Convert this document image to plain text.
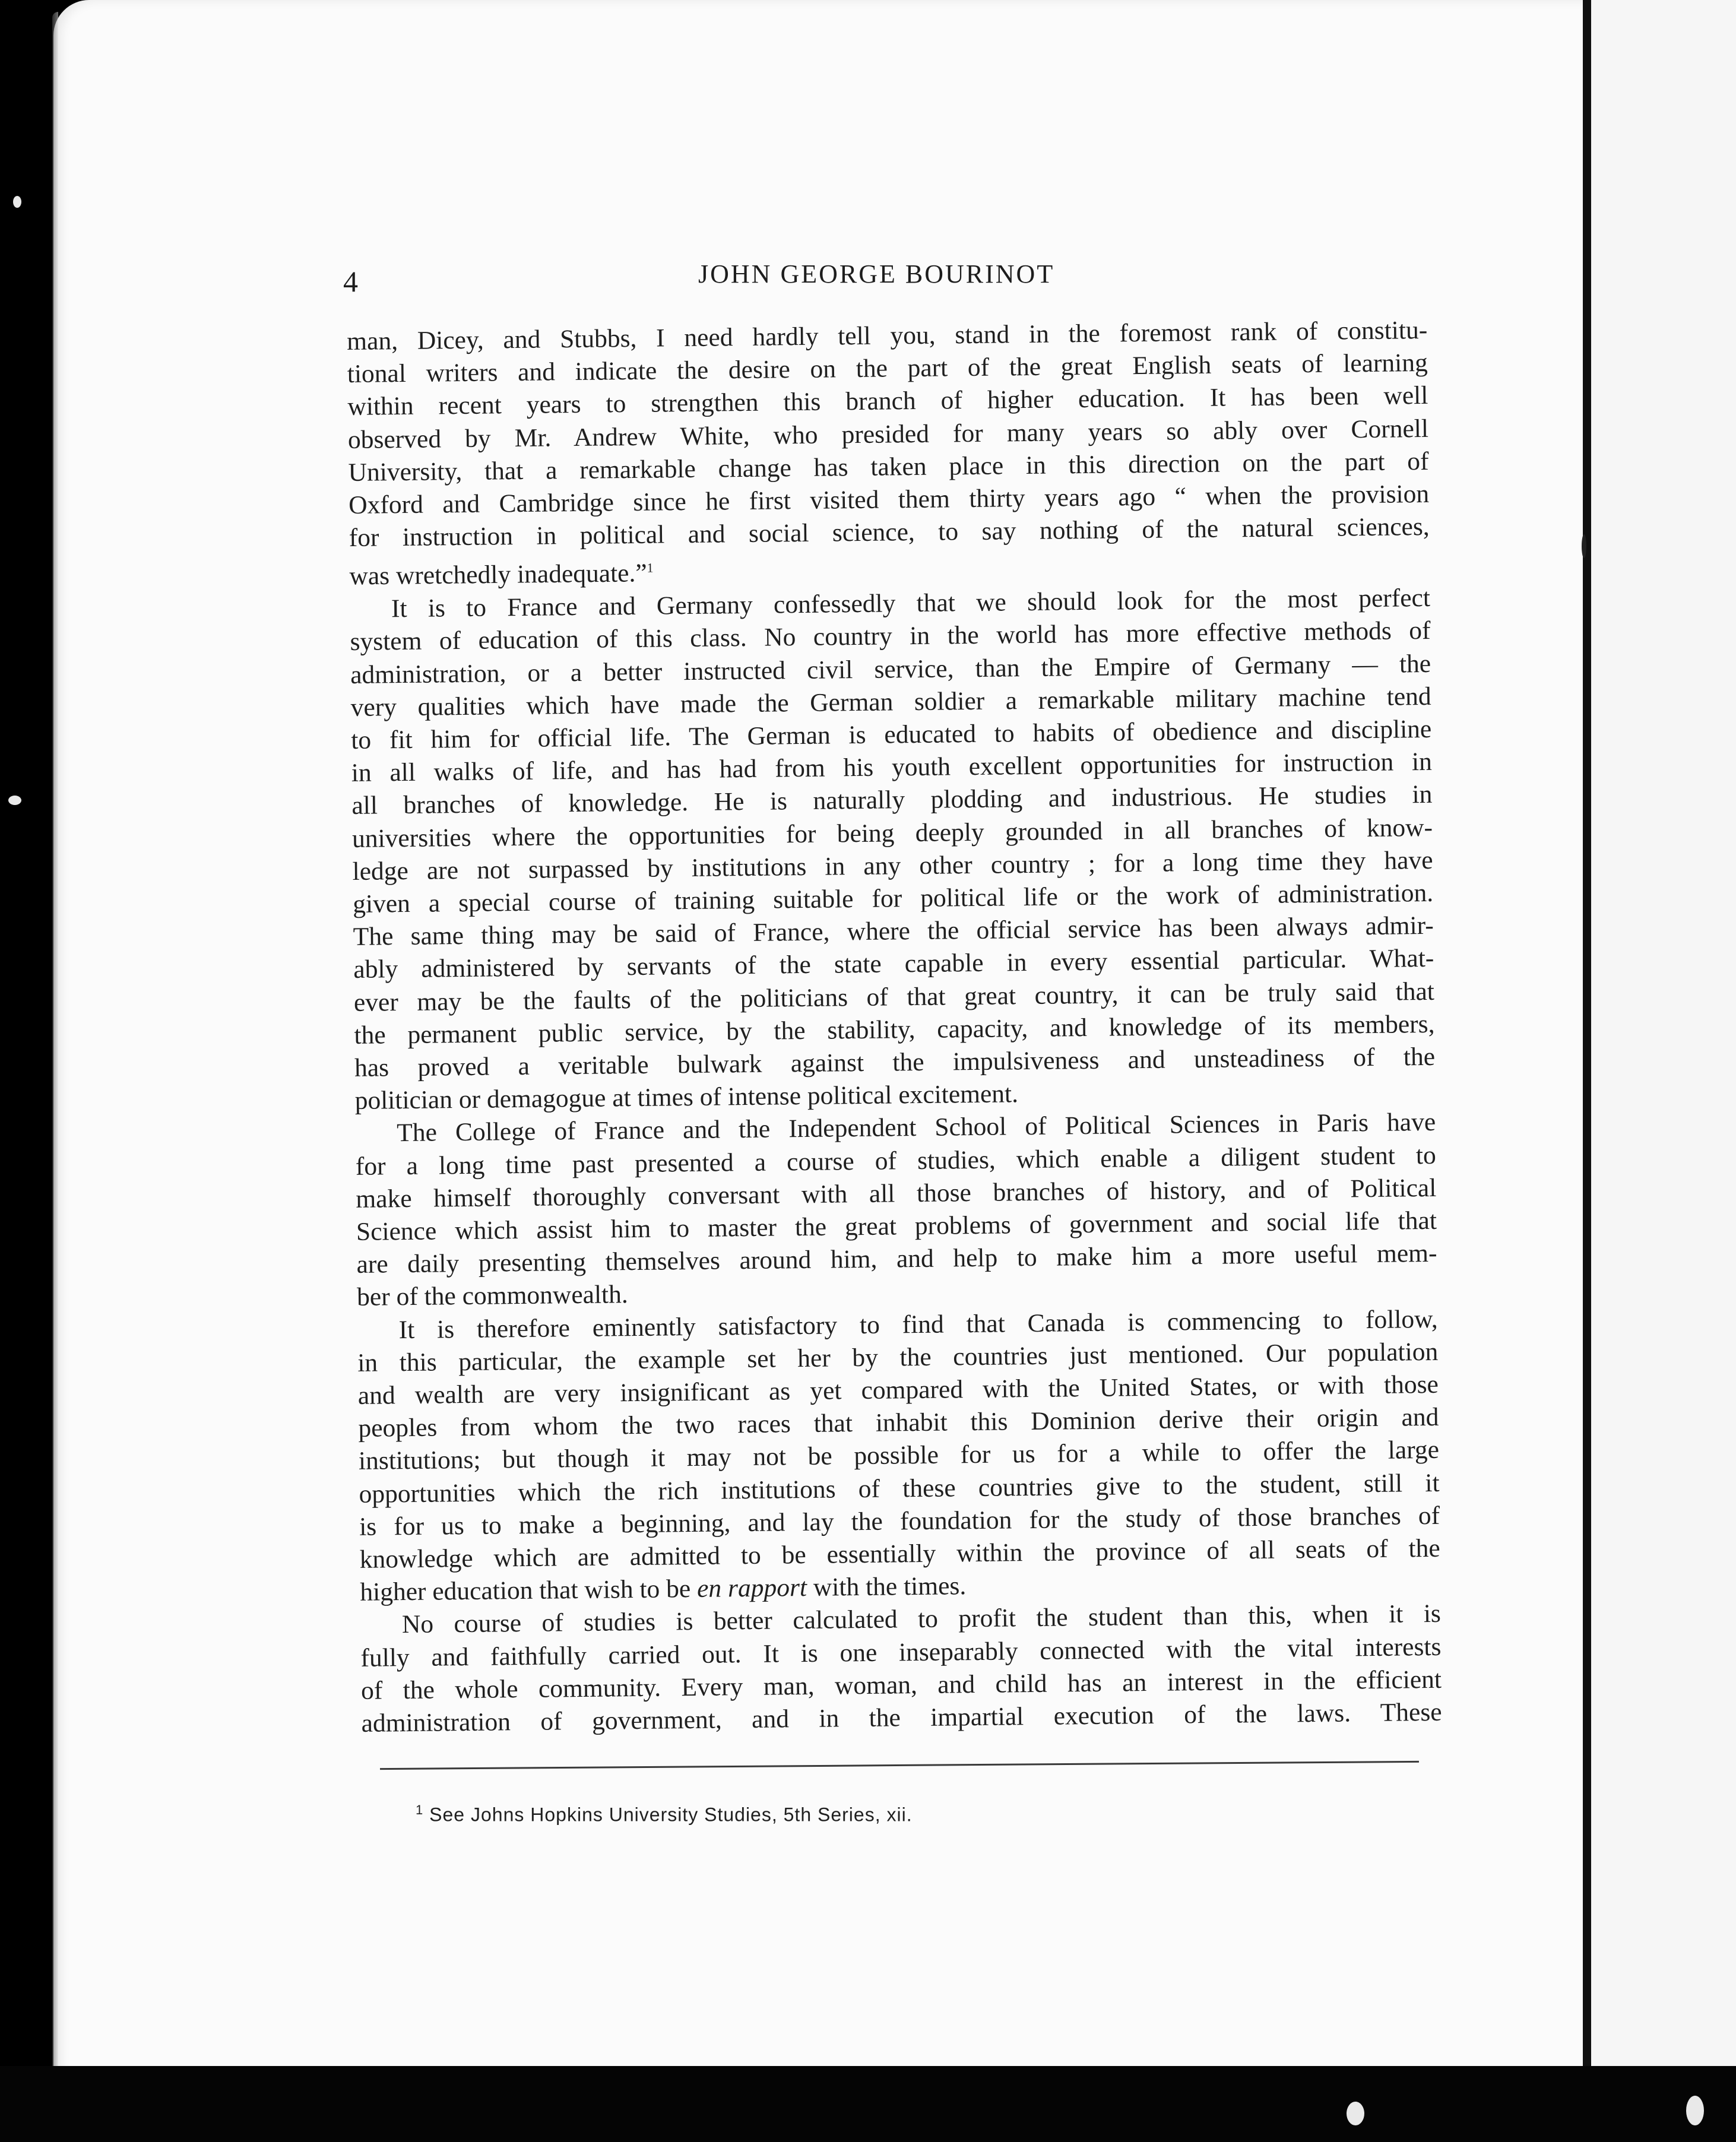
4	JOHN GEORGE BOURINOT
man, Dicey, and Stubbs, I need hardly tell you, stand in the foremost rank of constitu-
tional writers and indicate the desire on the part of the great English seats of learning
within recent years to strengthen this branch of higher education. It has been well
observed by Mr. Andrew White, who presided for many years so ably over Cornell
University, that a remarkable change has taken place in this direction on the part of
Oxford and Cambridge since he first visited them thirty years ago “ when the provision
for instruction in political and social science, to say nothing of the natural sciences,
was wretchedly inadequate.”$^1$
It is to France and Germany confessedly that we should look for the most perfect
system of education of this class. No country in the world has more effective methods of
administration, or a better instructed civil service, than the Empire of Germany — the
very qualities which have made the German soldier a remarkable military machine tend
to fit him for official life. The German is educated to habits of obedience and discipline
in all walks of life, and has had from his youth excellent opportunities for instruction in
all branches of knowledge. He is naturally plodding and industrious. He studies in
universities where the opportunities for being deeply grounded in all branches of know-
ledge are not surpassed by institutions in any other country ; for a long time they have
given a special course of training suitable for political life or the work of administration.
The same thing may be said of France, where the official service has been always admir-
ably administered by servants of the state capable in every essential particular. What-
ever may be the faults of the politicians of that great country, it can be truly said that
the permanent public service, by the stability, capacity, and knowledge of its members,
has proved a veritable bulwark against the impulsiveness and unsteadiness of the
politician or demagogue at times of intense political excitement.
The College of France and the Independent School of Political Sciences in Paris have
for a long time past presented a course of studies, which enable a diligent student to
make himself thoroughly conversant with all those branches of history, and of Political
Science which assist him to master the great problems of government and social life that
are daily presenting themselves around him, and help to make him a more useful mem-
ber of the commonwealth.
It is therefore eminently satisfactory to find that Canada is commencing to follow,
in this particular, the example set her by the countries just mentioned. Our population
and wealth are very insignificant as yet compared with the United States, or with those
peoples from whom the two races that inhabit this Dominion derive their origin and
institutions; but though it may not be possible for us for a while to offer the large
opportunities which the rich institutions of these countries give to the student, still it
is for us to make a beginning, and lay the foundation for the study of those branches of
knowledge which are admitted to be essentially within the province of all seats of the
higher education that wish to be en rapport with the times.
No course of studies is better calculated to profit the student than this, when it is
fully and faithfully carried out. It is one inseparably connected with the vital interests
of the whole community. Every man, woman, and child has an interest in the efficient
administration of government, and in the impartial execution of the laws. These
$^1$ See Johns Hopkins University Studies, 5th Series, xii.
